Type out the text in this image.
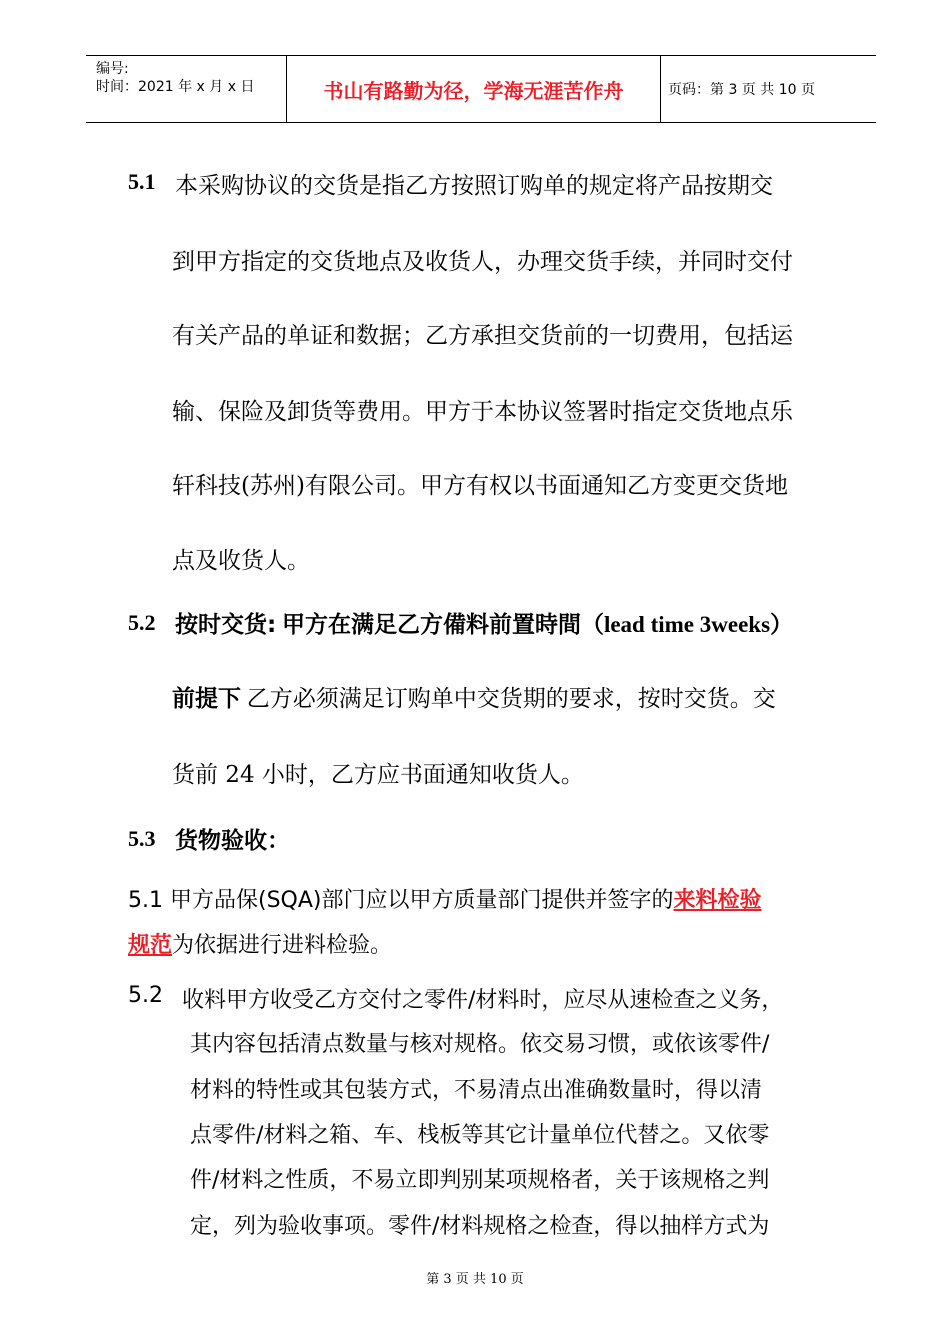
编号:
时间：2021 年 x 月 x 日	书山有路勤为径，学海无涯苦作舟	页码：第 3 页 共 10 页
5.1 本采购协议的交货是指乙方按照订购单的规定将产品按期交
到甲方指定的交货地点及收货人，办理交货手续，并同时交付
有关产品的单证和数据；乙方承担交货前的一切费用，包括运
输、保险及卸货等费用。甲方于本协议签署时指定交货地点乐
轩科技(苏州)有限公司。甲方有权以书面通知乙方变更交货地
点及收货人。
5.2 按时交货: 甲方在满足乙方備料前置時間（lead time 3weeks）
前提下 乙方必须满足订购单中交货期的要求，按时交货。交
货前 24 小时，乙方应书面通知收货人。
5.3 货物验收：
5.1 甲方品保(SQA)部门应以甲方质量部门提供并签字的来料检验
规范为依据进行进料检验。
5.2 收料甲方收受乙方交付之零件/材料时，应尽从速检查之义务，
其内容包括清点数量与核对规格。依交易习惯，或依该零件/
材料的特性或其包装方式，不易清点出准确数量时，得以清
点零件/材料之箱、车、栈板等其它计量单位代替之。又依零
件/材料之性质，不易立即判别某项规格者，关于该规格之判
定，列为验收事项。零件/材料规格之检查，得以抽样方式为
第 3 页 共 10 页
